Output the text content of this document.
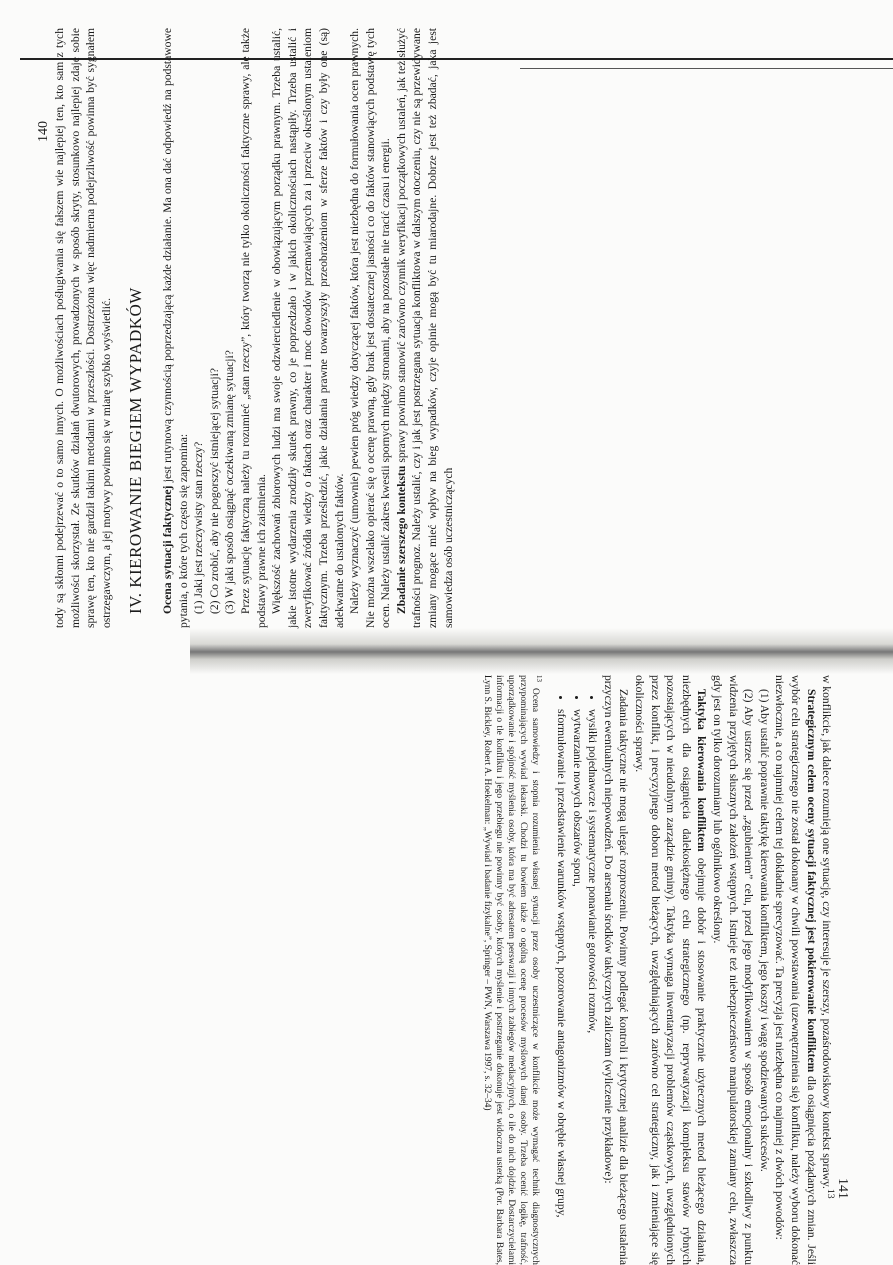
tody są skłonni podejrzewać o to samo innych. O możliwościach pośługiwania się fałszem wie najlepiej ten, kto sam z tych możliwości skorzystał. Ze skutków działań dwutorowych, prowadzonych w sposób skryty, stosunkowo najlepiej zdaje sobie sprawę ten, kto nie gardził takimi metodami w przeszłości. Dostrzeżona więc nadmierna podejrzliwość powinna być sygnałem ostrzegawczym, a jej motywy powinno się w miarę szybko wyświetlić. IV. KIEROWANIE BIEGIEM WYPADKÓW Ocena sytuacji faktycznej jest rutynową czynnością poprzedzającą każde działanie. Ma ona dać odpowiedź na podstawowe pytania, o które tych często się zapomina: (1) Jaki jest rzeczywisty stan rzeczy? (2) Co zrobić, aby nie pogorszyć istniejącej sytuacji? (3) W jaki sposób osiągnąć oczekiwaną zmianę sytuacji? Przez sytuację faktyczną należy tu rozumieć „stan rzeczy”, który tworzą nie tylko okoliczności faktyczne sprawy, ale także podstawy prawne ich zaistnienia. Większość zachowań zbiorowych ludzi ma swoje odzwierciedlenie w obowiązującym porządku prawnym. Trzeba ustalić, jakie istotne wydarzenia zrodziły skutek prawny, co je poprzedzało i w jakich okolicznościach nastąpiły. Trzeba ustalić i zweryfikować źródła wiedzy o faktach oraz charakter i moc dowodów przemawiających za i przeciw określonym ustaleniom faktycznym. Trzeba prześledzić, jakie działania prawne towarzyszyły przeobrażeniom w sferze faktów i czy były one (są) adekwatne do ustalonych faktów. Należy wyznaczyć (umownie) pewien próg wiedzy dotyczącej faktów, która jest niezbędna do formułowania ocen prawnych. Nie można wszelako opierać się o ocenę prawną, gdy brak jest dostatecznej jasności co do faktów stanowiących podstawę tych ocen. Należy ustalić zakres kwestii spornych między stronami, aby na pozostałe nie tracić czasu i energii. Zbadanie szerszego kontekstu sprawy powinno stanowić zarówno czynnik weryfikacji początkowych ustaleń, jak też służyć trafności prognoz. Należy ustalić, czy i jak jest postrzegana sytuacja konfliktowa w dalszym otoczeniu, czy nie są przewidywane zmiany mogące mieć wpływ na bieg wypadków, czyje opinie mogą być tu miarodajne. Dobrze jest też zbadać, jaka jest samowiedza osób uczestniczących

140

w konflikcie, jak dalece rozumieją one sytuację, czy interesuje je szerszy, pozaśrodowiskowy kontekst sprawy.$^{13}$

Strategicznym celem oceny sytuacji faktycznej jest pokierowanie konfliktem dla osiągnięcia pożądanych zmian. Jeśli wybór celu strategicznego nie został dokonany w chwili powstawania (uzewnętrznienia się) konfliktu, należy wyboru dokonać niezwłocznie, a co najmniej celem tej dokładnie sprecyzować. Ta precyzja jest niezbędna co najmniej z dwóch powodów:

(1) Aby ustalić poprawnie taktykę kierowania konfliktem, jego koszty i wagę spodziewanych sukcesów.

(2) Aby ustrzec się przed „zgubieniem” celu, przed jego modyfikowaniem w sposób emocjonalny i szkodliwy z punktu widzenia przyjętych słusznych założeń wstępnych. Istnieje też niebezpieczeństwo manipulatorskiej zamiany celu, zwłaszcza gdy jest on tylko dorozumiany lub ogólnikowo określony.

Taktyka kierowania konfliktem obejmuje dobór i stosowanie praktycznie użytecznych metod bieżącego działania, niezbędnych dla osiągnięcia dalekosiężnego celu strategicznego (np. reprywatyzacji kompleksu stawów rybnych pozostających w nieudolnym zarządzie gminy). Taktyka wymaga inwentaryzacji problemów cząstkowych, uwzględnionych przez konflikt, i precyzyjnego doboru metod bieżących, uwzględniających zarówno cel strategiczny, jak i zmieniające się okoliczności sprawy.

Zadania taktyczne nie mogą ulegać rozproszeniu. Powinny podlegać kontroli i krytycznej analizie dla bieżącego ustalenia przyczyn ewentualnych niepowodzeń. Do arsenału środków taktycznych zaliczam (wyliczenie przykładowe):

• wysiłki pojednawcze i systematyczne ponawianie gotowości rozmów,
• wytwarzanie nowych obszarów sporu,
• sformułowanie i przedstawienie warunków wstępnych, pozorowanie antagonizmów w obrębie własnej grupy,
$^{13}$ Ocena samowiedzy i stopnia rozumienia własnej sytuacji przez osoby uczestniczące w konflikcie może wymagać technik diagnostycznych przypominających wywiad lekarski. Chodzi tu bowiem także o ogólną ocenę procesów myślowych danej osoby. Trzeba ocenić logikę, trafność, uporządkowanie i spójność myślenia osoby, która ma być adresatem perswazji i innych zabiegów mediacyjnych, o ile do nich dojdzie. Dostarczycielami informacji o tle konfliktu i jego przebiegu nie powinny być osoby, których myślenie i postrzeganie dokonuje jest widoczna usterką (Por. Barbara Bates, Lynn S. Bickley, Robert A. Hoekelman: „Wywiad i badanie fizykalne”, Springer – PWN, Warszawa 1997, s. 32–34)
141
